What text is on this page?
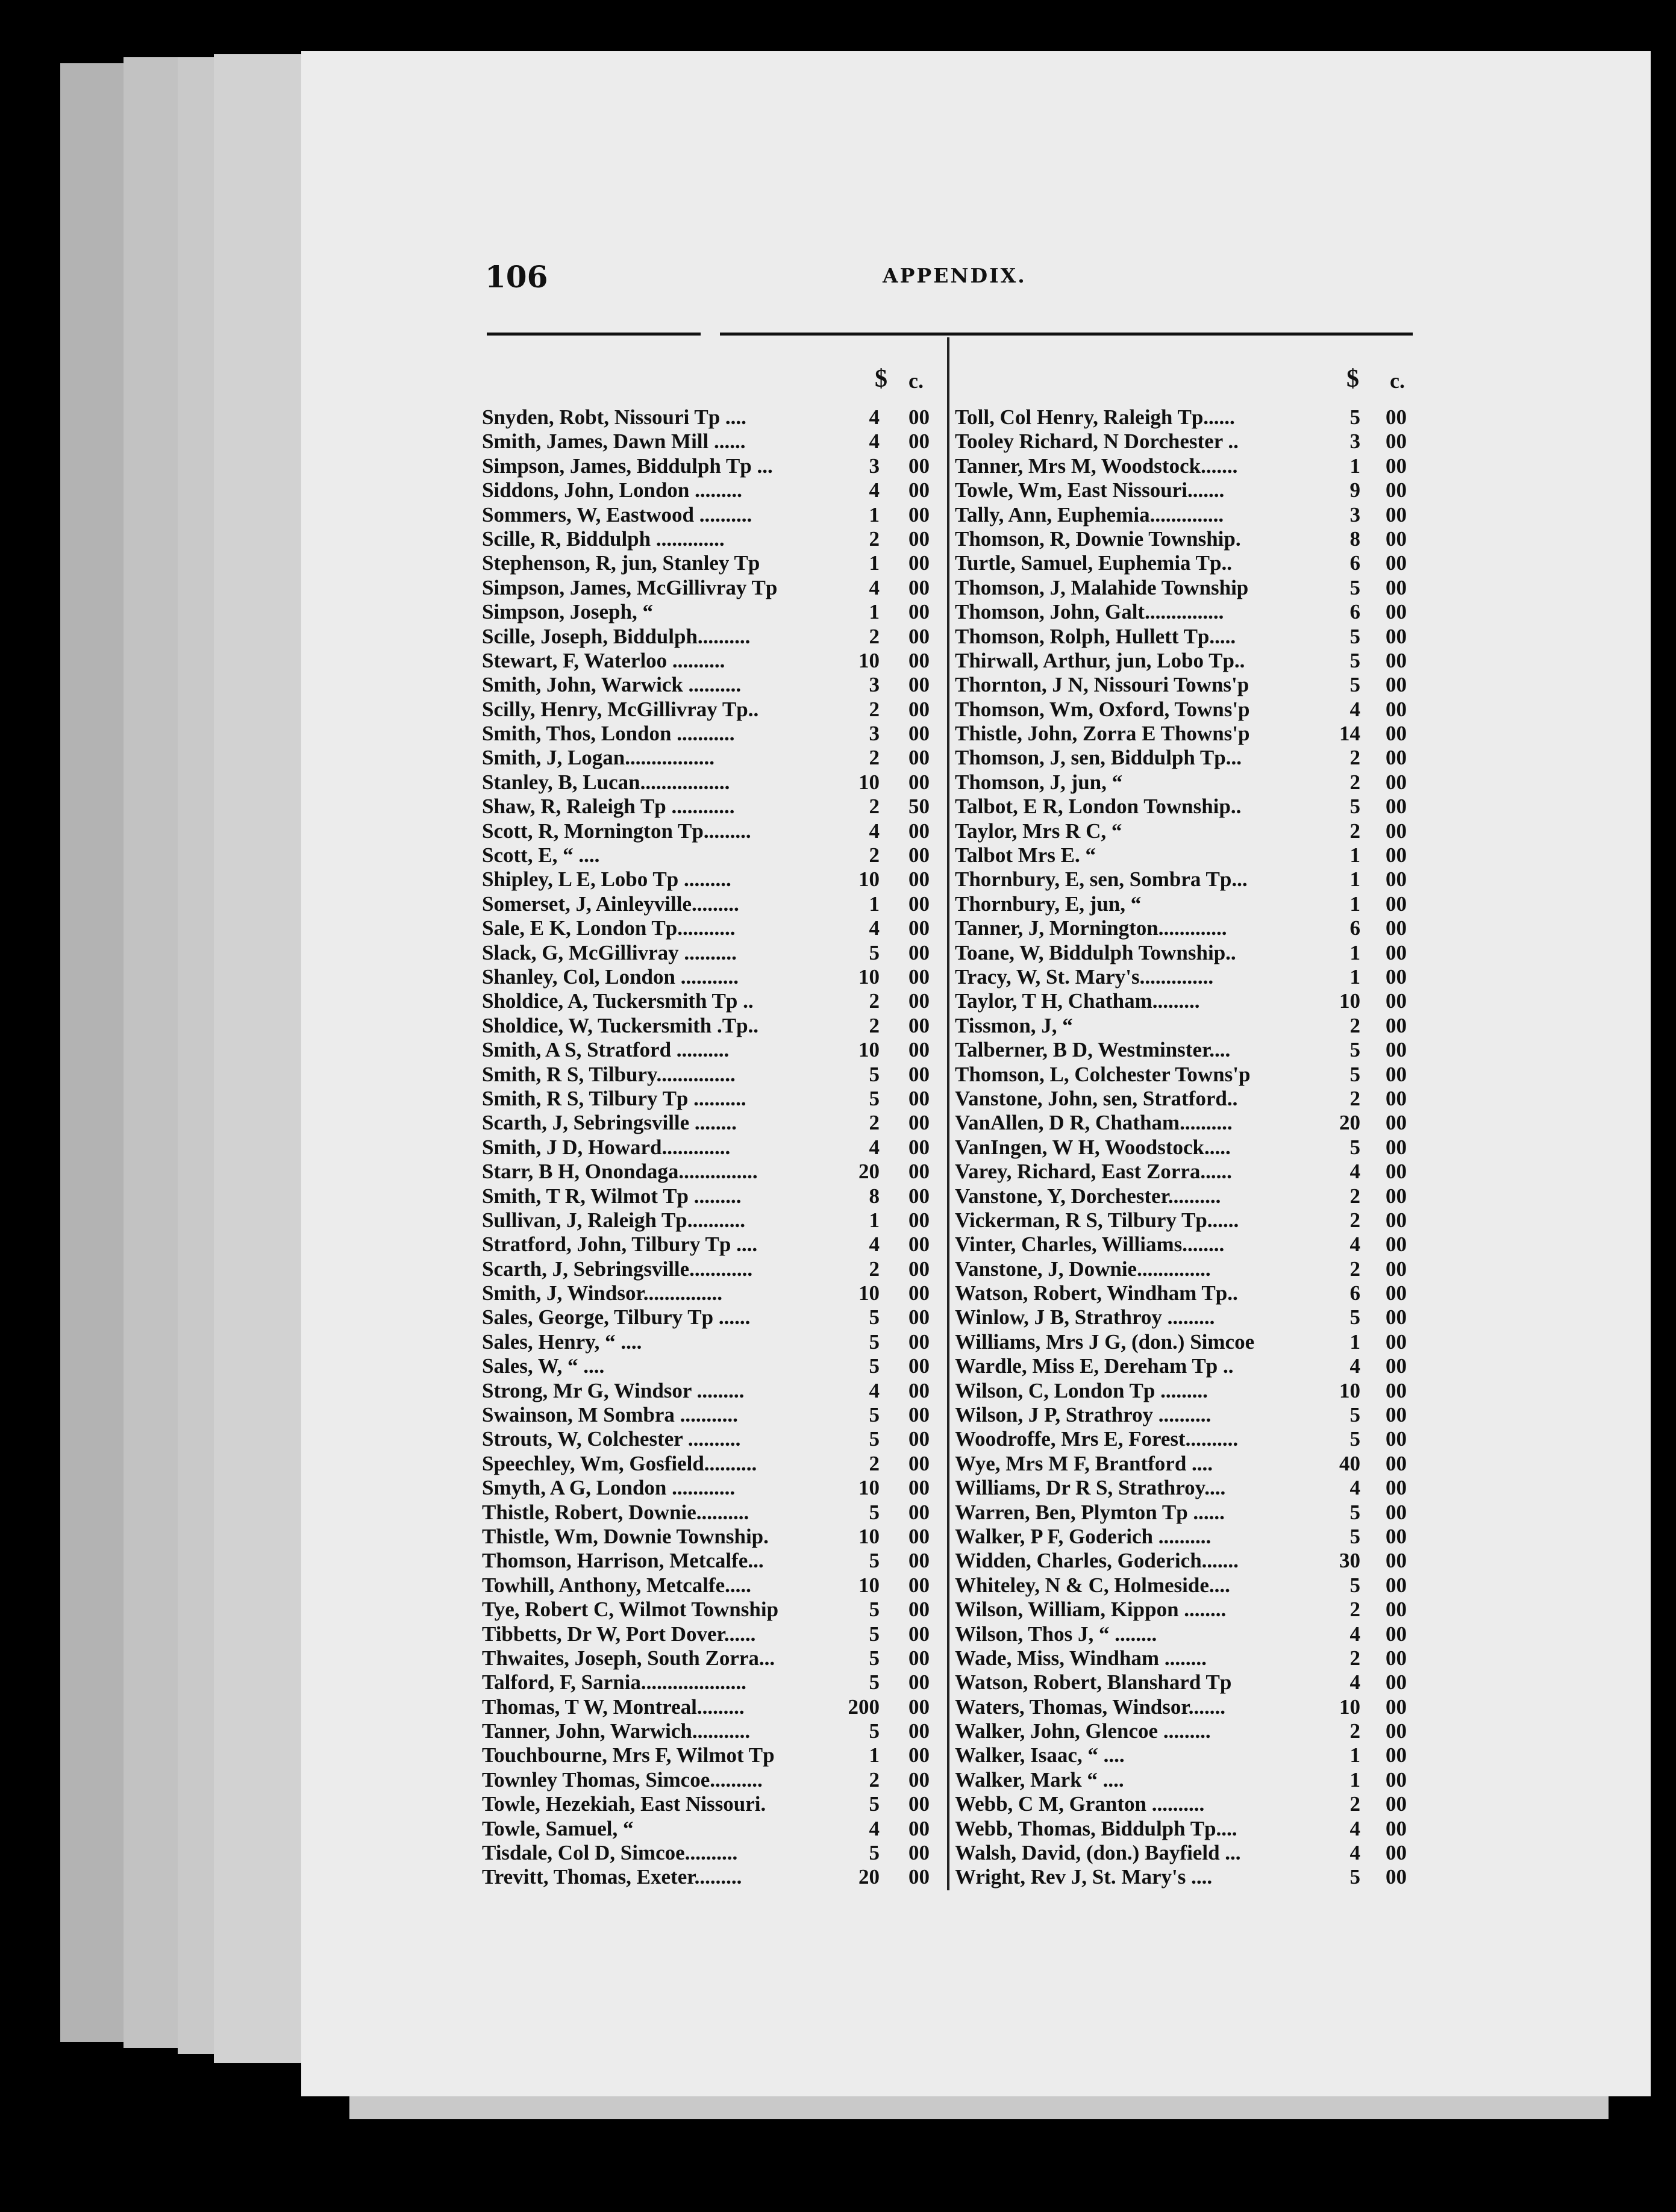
106	APPENDIX.
$ c.
Snyden, Robt, Nissouri Tp ....	4 00
Smith, James, Dawn Mill ......	4 00
Simpson, James, Biddulph Tp ...	3 00
Siddons, John, London .........	4 00
Sommers, W, Eastwood ..........	1 00
Scille, R, Biddulph .............	2 00
Stephenson, R, jun, Stanley Tp	1 00
Simpson, James, McGillivray Tp	4 00
Simpson, Joseph, “	1 00
Scille, Joseph, Biddulph..........	2 00
Stewart, F, Waterloo ..........	10 00
Smith, John, Warwick ..........	3 00
Scilly, Henry, McGillivray Tp..	2 00
Smith, Thos, London ...........	3 00
Smith, J, Logan.................	2 00
Stanley, B, Lucan.................	10 00
Shaw, R, Raleigh Tp ............	2 50
Scott, R, Mornington Tp.........	4 00
Scott, E, “ ....	2 00
Shipley, L E, Lobo Tp .........	10 00
Somerset, J, Ainleyville.........	1 00
Sale, E K, London Tp...........	4 00
Slack, G, McGillivray ..........	5 00
Shanley, Col, London ...........	10 00
Sholdice, A, Tuckersmith Tp ..	2 00
Sholdice, W, Tuckersmith .Tp..	2 00
Smith, A S, Stratford ..........	10 00
Smith, R S, Tilbury...............	5 00
Smith, R S, Tilbury Tp ..........	5 00
Scarth, J, Sebringsville ........	2 00
Smith, J D, Howard.............	4 00
Starr, B H, Onondaga...............	20 00
Smith, T R, Wilmot Tp .........	8 00
Sullivan, J, Raleigh Tp...........	1 00
Stratford, John, Tilbury Tp ....	4 00
Scarth, J, Sebringsville............	2 00
Smith, J, Windsor...............	10 00
Sales, George, Tilbury Tp ......	5 00
Sales, Henry, “ ....	5 00
Sales, W, “ ....	5 00
Strong, Mr G, Windsor .........	4 00
Swainson, M Sombra ...........	5 00
Strouts, W, Colchester ..........	5 00
Speechley, Wm, Gosfield..........	2 00
Smyth, A G, London ............	10 00
Thistle, Robert, Downie..........	5 00
Thistle, Wm, Downie Township.	10 00
Thomson, Harrison, Metcalfe...	5 00
Towhill, Anthony, Metcalfe.....	10 00
Tye, Robert C, Wilmot Township	5 00
Tibbetts, Dr W, Port Dover......	5 00
Thwaites, Joseph, South Zorra...	5 00
Talford, F, Sarnia....................	5 00
Thomas, T W, Montreal.........	200 00
Tanner, John, Warwich...........	5 00
Touchbourne, Mrs F, Wilmot Tp	1 00
Townley Thomas, Simcoe..........	2 00
Towle, Hezekiah, East Nissouri.	5 00
Towle, Samuel, “	4 00
Tisdale, Col D, Simcoe..........	5 00
Trevitt, Thomas, Exeter.........	20 00
$ c.
Toll, Col Henry, Raleigh Tp......	5 00
Tooley Richard, N Dorchester ..	3 00
Tanner, Mrs M, Woodstock.......	1 00
Towle, Wm, East Nissouri.......	9 00
Tally, Ann, Euphemia..............	3 00
Thomson, R, Downie Township.	8 00
Turtle, Samuel, Euphemia Tp..	6 00
Thomson, J, Malahide Township	5 00
Thomson, John, Galt...............	6 00
Thomson, Rolph, Hullett Tp.....	5 00
Thirwall, Arthur, jun, Lobo Tp..	5 00
Thornton, J N, Nissouri Towns'p	5 00
Thomson, Wm, Oxford, Towns'p	4 00
Thistle, John, Zorra E Thowns'p	14 00
Thomson, J, sen, Biddulph Tp...	2 00
Thomson, J, jun, “	2 00
Talbot, E R, London Township..	5 00
Taylor, Mrs R C, “	2 00
Talbot Mrs E. “	1 00
Thornbury, E, sen, Sombra Tp...	1 00
Thornbury, E, jun, “	1 00
Tanner, J, Mornington.............	6 00
Toane, W, Biddulph Township..	1 00
Tracy, W, St. Mary's..............	1 00
Taylor, T H, Chatham.........	10 00
Tissmon, J, “	2 00
Talberner, B D, Westminster....	5 00
Thomson, L, Colchester Towns'p	5 00
Vanstone, John, sen, Stratford..	2 00
VanAllen, D R, Chatham..........	20 00
VanIngen, W H, Woodstock.....	5 00
Varey, Richard, East Zorra......	4 00
Vanstone, Y, Dorchester..........	2 00
Vickerman, R S, Tilbury Tp......	2 00
Vinter, Charles, Williams........	4 00
Vanstone, J, Downie..............	2 00
Watson, Robert, Windham Tp..	6 00
Winlow, J B, Strathroy .........	5 00
Williams, Mrs J G, (don.) Simcoe	1 00
Wardle, Miss E, Dereham Tp ..	4 00
Wilson, C, London Tp .........	10 00
Wilson, J P, Strathroy ..........	5 00
Woodroffe, Mrs E, Forest..........	5 00
Wye, Mrs M F, Brantford ....	40 00
Williams, Dr R S, Strathroy....	4 00
Warren, Ben, Plymton Tp ......	5 00
Walker, P F, Goderich ..........	5 00
Widden, Charles, Goderich.......	30 00
Whiteley, N & C, Holmeside....	5 00
Wilson, William, Kippon ........	2 00
Wilson, Thos J, “ ........	4 00
Wade, Miss, Windham ........	2 00
Watson, Robert, Blanshard Tp	4 00
Waters, Thomas, Windsor.......	10 00
Walker, John, Glencoe .........	2 00
Walker, Isaac, “ ....	1 00
Walker, Mark “ ....	1 00
Webb, C M, Granton ..........	2 00
Webb, Thomas, Biddulph Tp....	4 00
Walsh, David, (don.) Bayfield ...	4 00
Wright, Rev J, St. Mary's ....	5 00
